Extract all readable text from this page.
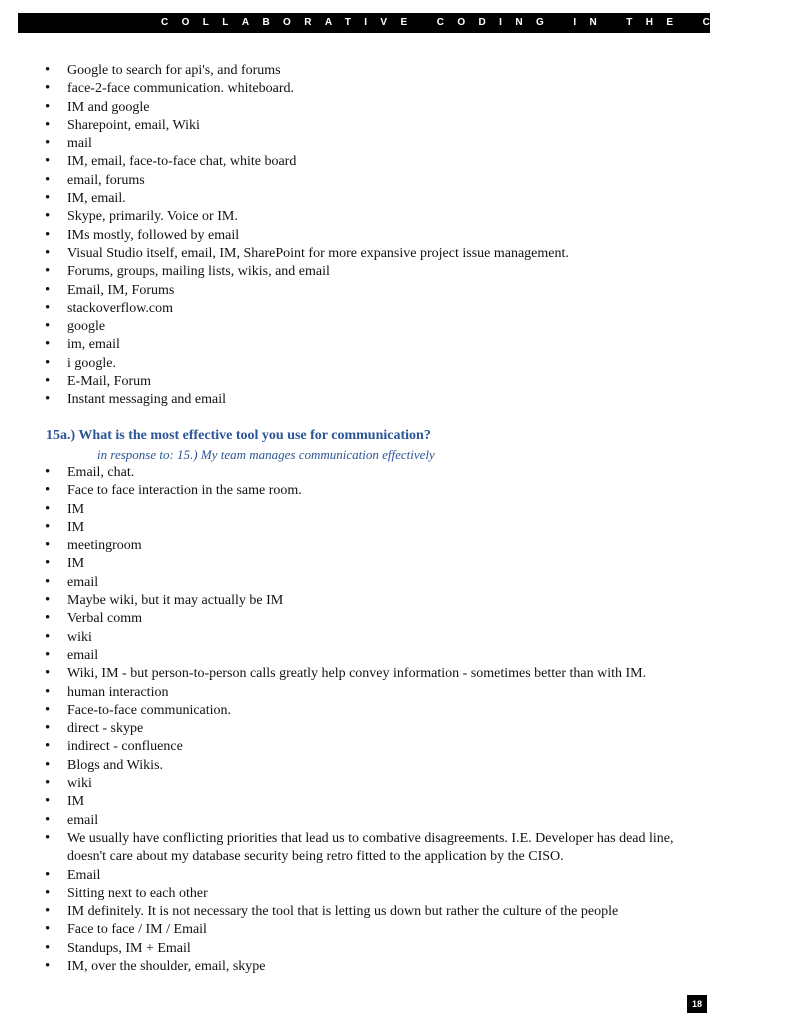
COLLABORATIVE CODING IN THE CLOUD
• Google to search for api's, and forums
• face-2-face communication. whiteboard.
• IM and google
• Sharepoint, email, Wiki
• mail
• IM, email, face-to-face chat, white board
• email, forums
• IM, email.
• Skype, primarily. Voice or IM.
• IMs mostly, followed by email
• Visual Studio itself, email, IM, SharePoint for more expansive project issue management.
• Forums, groups, mailing lists, wikis, and email
• Email, IM, Forums
• stackoverflow.com
• google
• im, email
• i google.
• E-Mail, Forum
• Instant messaging and email
15a.) What is the most effective tool you use for communication?
in response to: 15.) My team manages communication effectively
• Email, chat.
• Face to face interaction in the same room.
• IM
• IM
• meetingroom
• IM
• email
• Maybe wiki, but it may actually be IM
• Verbal comm
• wiki
• email
• Wiki, IM - but person-to-person calls greatly help convey information - sometimes better than with IM.
• human interaction
• Face-to-face communication.
• direct - skype
• indirect - confluence
• Blogs and Wikis.
• wiki
• IM
• email
• We usually have conflicting priorities that lead us to combative disagreements. I.E. Developer has dead line, doesn't care about my database security being retro fitted to the application by the CISO.
• Email
• Sitting next to each other
• IM definitely. It is not necessary the tool that is letting us down but rather the culture of the people
• Face to face / IM / Email
• Standups, IM + Email
• IM, over the shoulder, email, skype
18
